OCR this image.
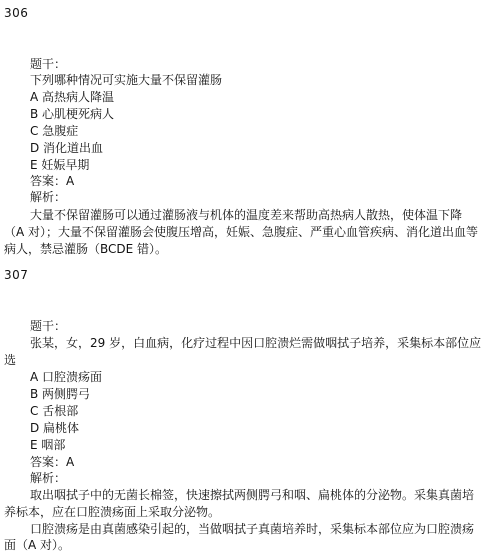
306
题干：
下列哪种情况可实施大量不保留灌肠
A 高热病人降温
B 心肌梗死病人
C 急腹症
D 消化道出血
E 妊娠早期
答案：A
解析：
大量不保留灌肠可以通过灌肠液与机体的温度差来帮助高热病人散热，使体温下降
（A 对）；大量不保留灌肠会使腹压增高，妊娠、急腹症、严重心血管疾病、消化道出血等
病人，禁忌灌肠（BCDE 错）。
307
题干：
张某，女，29 岁，白血病，化疗过程中因口腔溃烂需做咽拭子培养，采集标本部位应
选
A 口腔溃疡面
B 两侧腭弓
C 舌根部
D 扁桃体
E 咽部
答案：A
解析：
取出咽拭子中的无菌长棉签，快速擦拭两侧腭弓和咽、扁桃体的分泌物。采集真菌培
养标本，应在口腔溃疡面上采取分泌物。
口腔溃疡是由真菌感染引起的，当做咽拭子真菌培养时，采集标本部位应为口腔溃疡
面（A 对）。
